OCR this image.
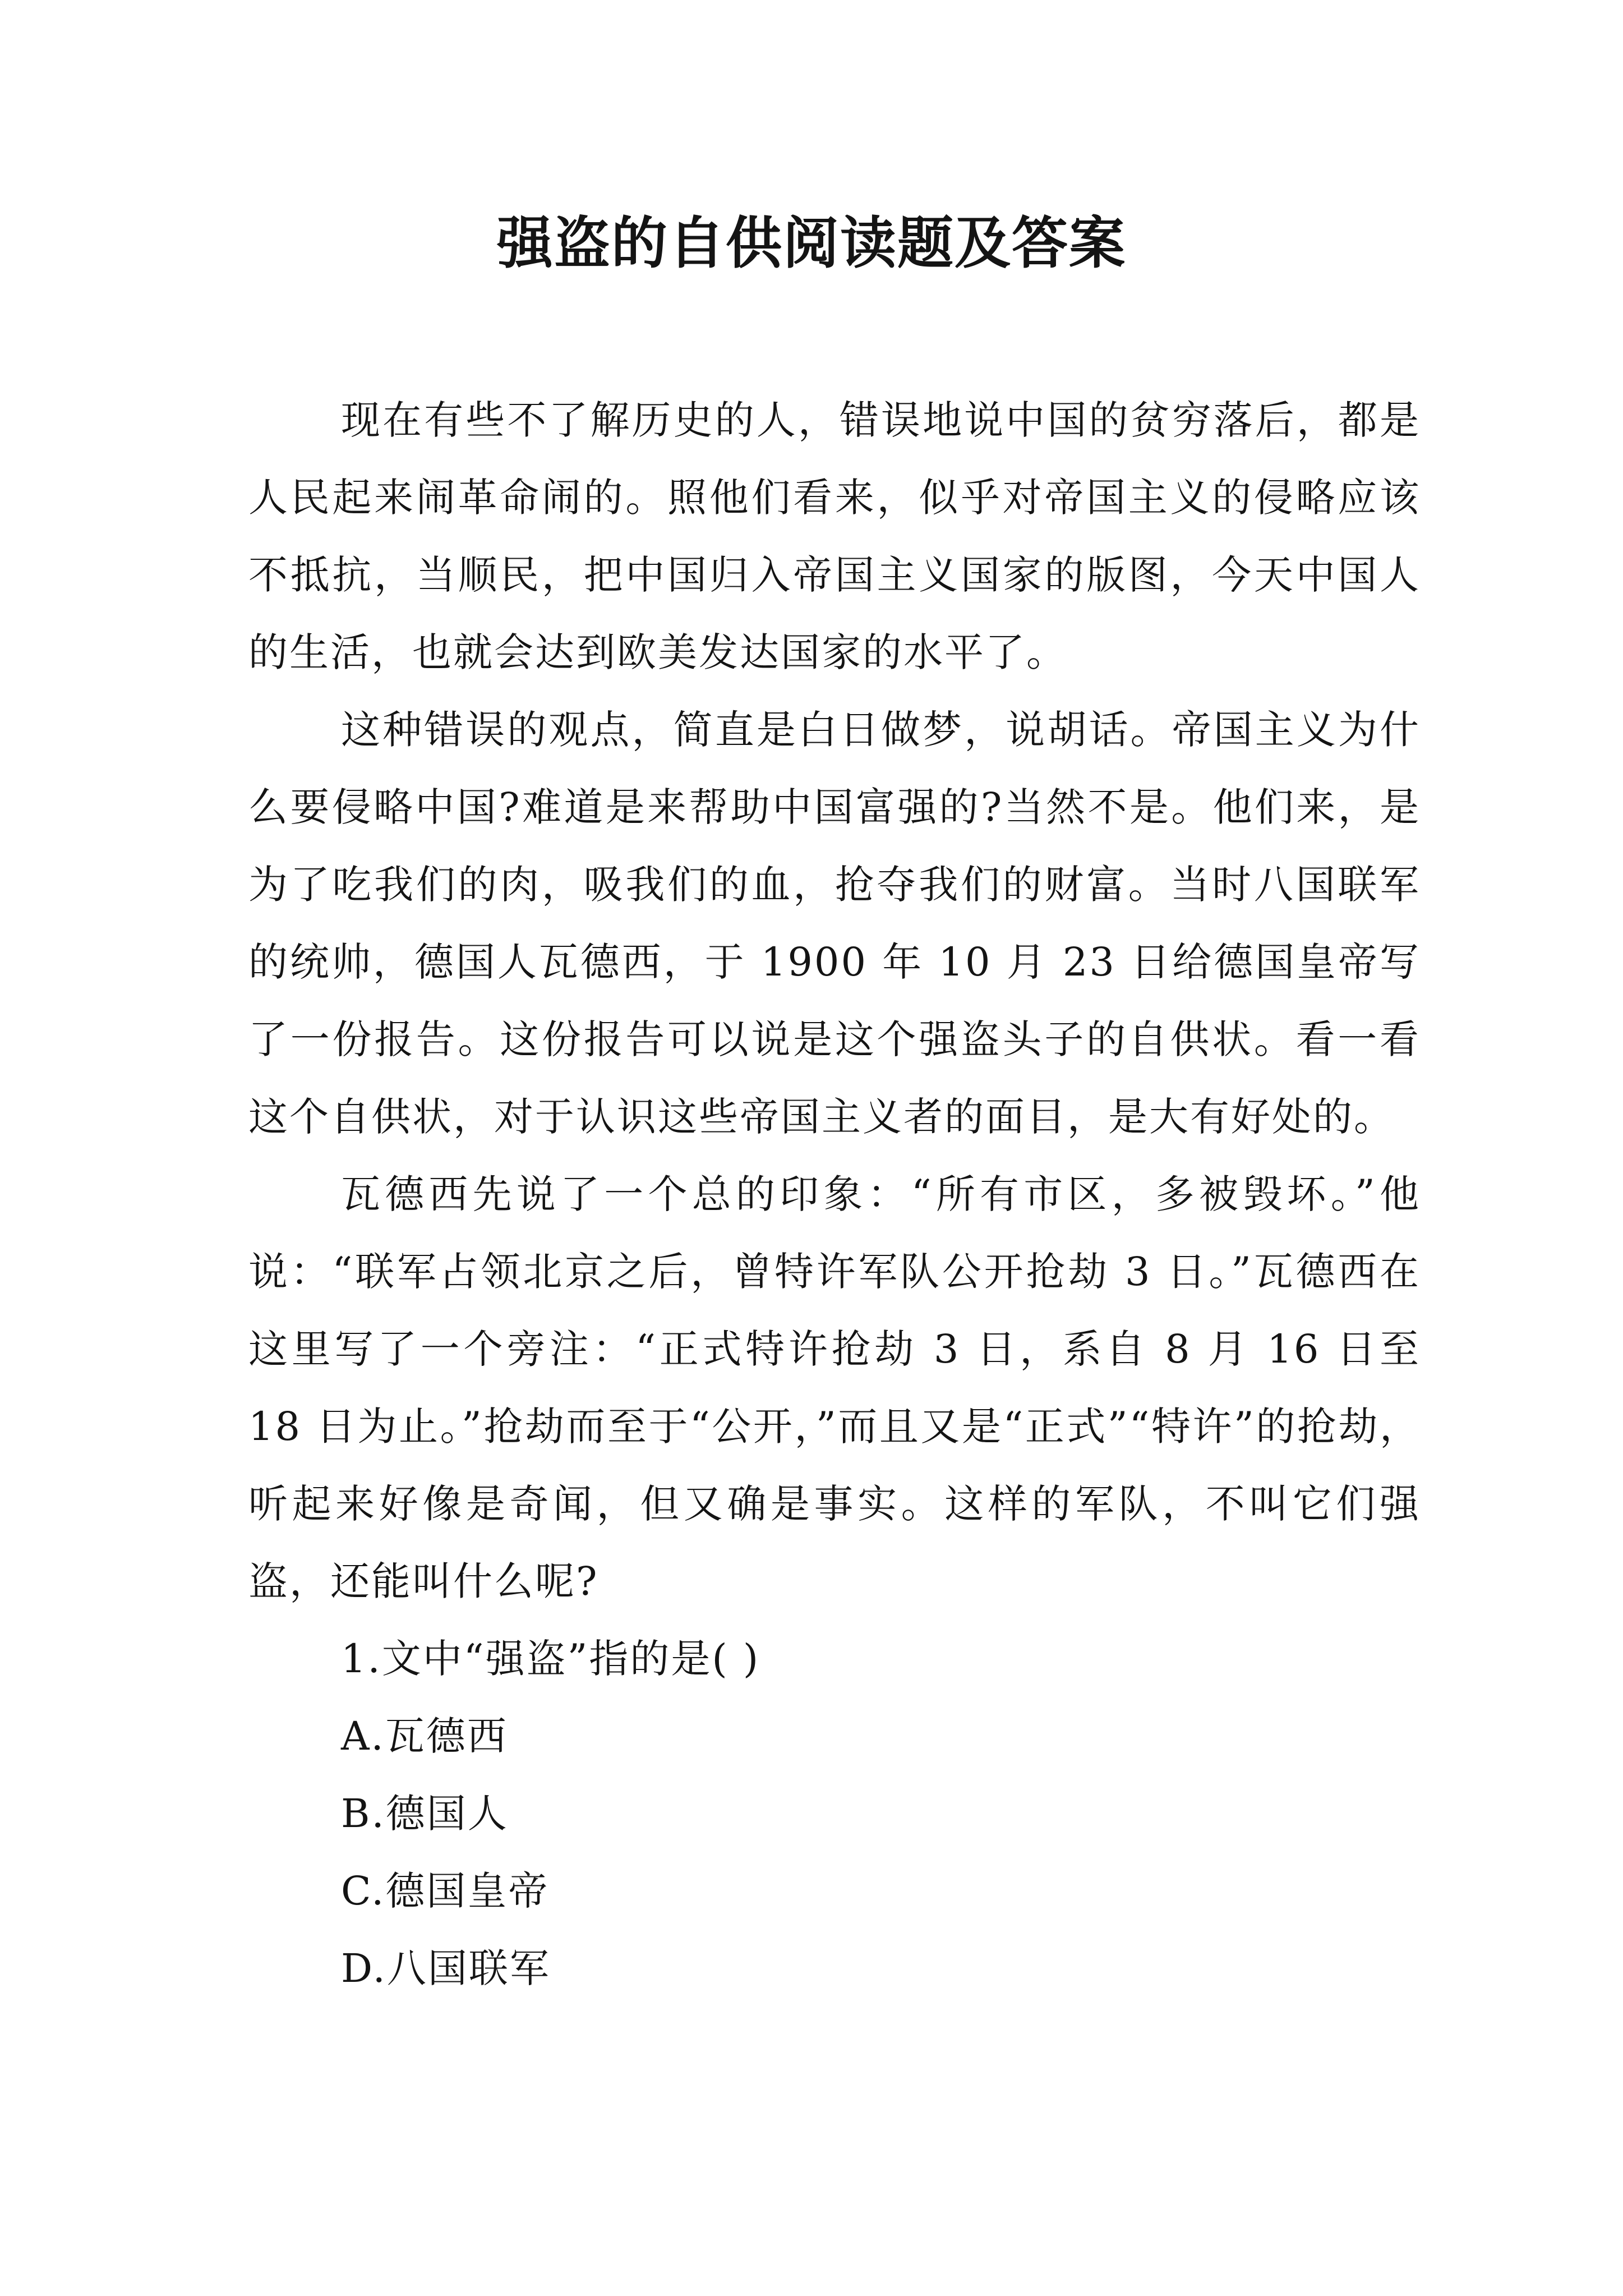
强盗的自供阅读题及答案

现在有些不了解历史的人，错误地说中国的贫穷落后，都是人民起来闹革命闹的。照他们看来，似乎对帝国主义的侵略应该不抵抗，当顺民，把中国归入帝国主义国家的版图，今天中国人的生活，也就会达到欧美发达国家的水平了。

这种错误的观点，简直是白日做梦，说胡话。帝国主义为什么要侵略中国?难道是来帮助中国富强的?当然不是。他们来，是为了吃我们的肉，吸我们的血，抢夺我们的财富。当时八国联军的统帅，德国人瓦德西，于 1900 年 10 月 23 日给德国皇帝写了一份报告。这份报告可以说是这个强盗头子的自供状。看一看这个自供状，对于认识这些帝国主义者的面目，是大有好处的。

瓦德西先说了一个总的印象：“所有市区，多被毁坏。”他说：“联军占领北京之后，曾特许军队公开抢劫 3 日。”瓦德西在这里写了一个旁注：“正式特许抢劫 3 日，系自 8 月 16 日至 18 日为止。”抢劫而至于“公开，”而且又是“正式”“特许”的抢劫，听起来好像是奇闻，但又确是事实。这样的军队，不叫它们强盗，还能叫什么呢?

1.文中“强盗”指的是( )

A.瓦德西

B.德国人

C.德国皇帝

D.八国联军
